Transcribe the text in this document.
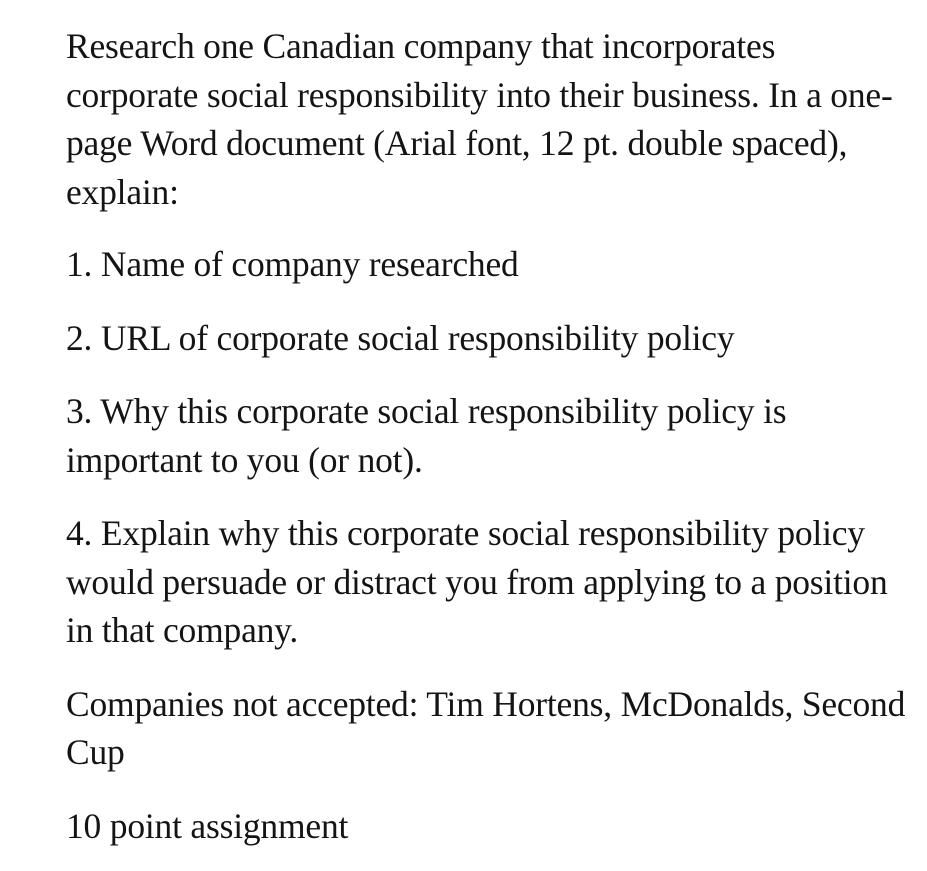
Research one Canadian company that incorporates corporate social responsibility into their business. In a one-page Word document (Arial font, 12 pt. double spaced), explain:

1. Name of company researched
2. URL of corporate social responsibility policy
3. Why this corporate social responsibility policy is important to you (or not).
4. Explain why this corporate social responsibility policy would persuade or distract you from applying to a position in that company.

Companies not accepted: Tim Hortens, McDonalds, Second Cup

10 point assignment
